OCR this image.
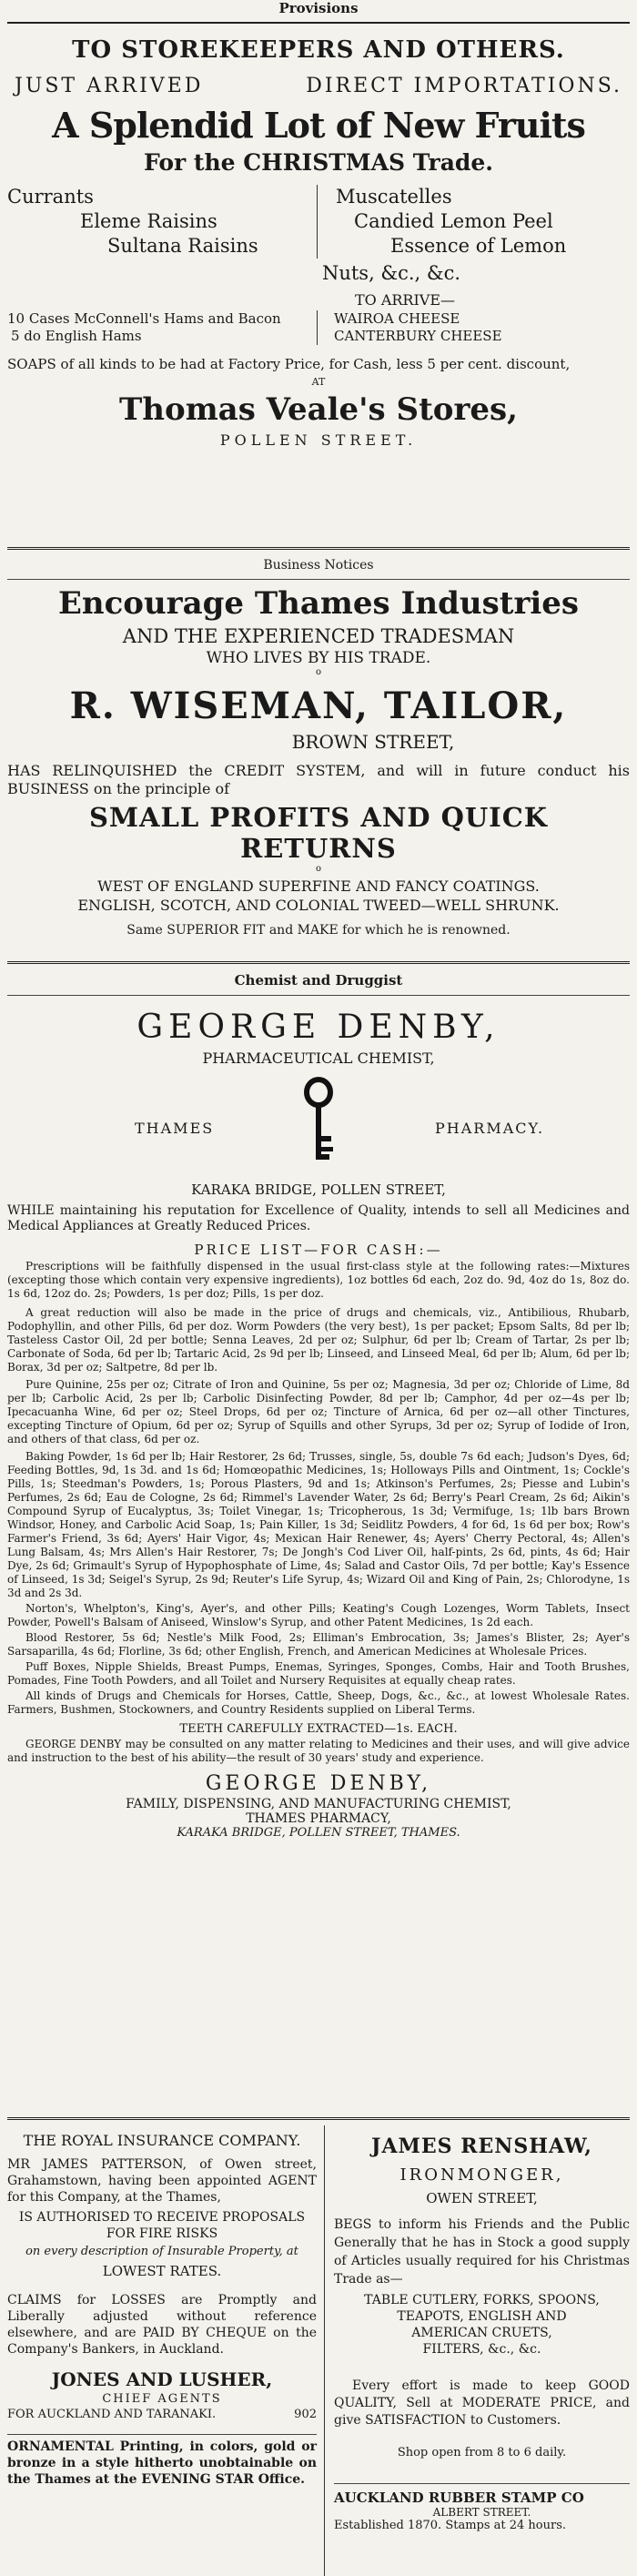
Provisions
TO STOREKEEPERS AND OTHERS.
JUST ARRIVED	DIRECT IMPORTATIONS.
A Splendid Lot of New Fruits
For the CHRISTMAS Trade.
Currants
Eleme Raisins
Sultana Raisins
Muscatelles
Candied Lemon Peel
Essence of Lemon
Nuts, &c., &c.
TO ARRIVE—
10 Cases McConnell's Hams and Bacon
5 do English Hams
WAIROA CHEESE
CANTERBURY CHEESE
SOAPS of all kinds to be had at Factory Price, for Cash, less 5 per cent. discount,
AT
Thomas Veale's Stores,
POLLEN STREET.
Business Notices
Encourage Thames Industries
AND THE EXPERIENCED TRADESMAN
WHO LIVES BY HIS TRADE.
o
R. WISEMAN, TAILOR,
BROWN STREET,
HAS RELINQUISHED the CREDIT SYSTEM, and will in future conduct his BUSINESS on the principle of
SMALL PROFITS AND QUICK RETURNS
o
WEST OF ENGLAND SUPERFINE AND FANCY COATINGS.
ENGLISH, SCOTCH, AND COLONIAL TWEED—WELL SHRUNK.
Same SUPERIOR FIT and MAKE for which he is renowned.
Chemist and Druggist
GEORGE DENBY,
PHARMACEUTICAL CHEMIST,
THAMES	PHARMACY.
KARAKA BRIDGE, POLLEN STREET,
WHILE maintaining his reputation for Excellence of Quality, intends to sell all Medicines and Medical Appliances at Greatly Reduced Prices.
PRICE LIST—FOR CASH:—
Prescriptions will be faithfully dispensed in the usual first-class style at the following rates:—Mixtures (excepting those which contain very expensive ingredients), 1oz bottles 6d each, 2oz do. 9d, 4oz do 1s, 8oz do. 1s 6d, 12oz do. 2s; Powders, 1s per doz; Pills, 1s per doz.
A great reduction will also be made in the price of drugs and chemicals, viz., Antibilious, Rhubarb, Podophyllin, and other Pills, 6d per doz. Worm Powders (the very best), 1s per packet; Epsom Salts, 8d per lb; Tasteless Castor Oil, 2d per bottle; Senna Leaves, 2d per oz; Sulphur, 6d per lb; Cream of Tartar, 2s per lb; Carbonate of Soda, 6d per lb; Tartaric Acid, 2s 9d per lb; Linseed, and Linseed Meal, 6d per lb; Alum, 6d per lb; Borax, 3d per oz; Saltpetre, 8d per lb.
Pure Quinine, 25s per oz; Citrate of Iron and Quinine, 5s per oz; Magnesia, 3d per oz; Chloride of Lime, 8d per lb; Carbolic Acid, 2s per lb; Carbolic Disinfecting Powder, 8d per lb; Camphor, 4d per oz—4s per lb; Ipecacuanha Wine, 6d per oz; Steel Drops, 6d per oz; Tincture of Arnica, 6d per oz—all other Tinctures, excepting Tincture of Opium, 6d per oz; Syrup of Squills and other Syrups, 3d per oz; Syrup of Iodide of Iron, and others of that class, 6d per oz.
Baking Powder, 1s 6d per lb; Hair Restorer, 2s 6d; Trusses, single, 5s, double 7s 6d each; Judson's Dyes, 6d; Feeding Bottles, 9d, 1s 3d. and 1s 6d; Homœopathic Medicines, 1s; Holloways Pills and Ointment, 1s; Cockle's Pills, 1s; Steedman's Powders, 1s; Porous Plasters, 9d and 1s; Atkinson's Perfumes, 2s; Piesse and Lubin's Perfumes, 2s 6d; Eau de Cologne, 2s 6d; Rimmel's Lavender Water, 2s 6d; Berry's Pearl Cream, 2s 6d; Aikin's Compound Syrup of Eucalyptus, 3s; Toilet Vinegar, 1s; Tricopherous, 1s 3d; Vermifuge, 1s; 1lb bars Brown Windsor, Honey, and Carbolic Acid Soap, 1s; Pain Killer, 1s 3d; Seidlitz Powders, 4 for 6d, 1s 6d per box; Row's Farmer's Friend, 3s 6d; Ayers' Hair Vigor, 4s; Mexican Hair Renewer, 4s; Ayers' Cherry Pectoral, 4s; Allen's Lung Balsam, 4s; Mrs Allen's Hair Restorer, 7s; De Jongh's Cod Liver Oil, half-pints, 2s 6d, pints, 4s 6d; Hair Dye, 2s 6d; Grimault's Syrup of Hypophosphate of Lime, 4s; Salad and Castor Oils, 7d per bottle; Kay's Essence of Linseed, 1s 3d; Seigel's Syrup, 2s 9d; Reuter's Life Syrup, 4s; Wizard Oil and King of Pain, 2s; Chlorodyne, 1s 3d and 2s 3d.
Norton's, Whelpton's, King's, Ayer's, and other Pills; Keating's Cough Lozenges, Worm Tablets, Insect Powder, Powell's Balsam of Aniseed, Winslow's Syrup, and other Patent Medicines, 1s 2d each.
Blood Restorer, 5s 6d; Nestle's Milk Food, 2s; Elliman's Embrocation, 3s; James's Blister, 2s; Ayer's Sarsaparilla, 4s 6d; Florline, 3s 6d; other English, French, and American Medicines at Wholesale Prices.
Puff Boxes, Nipple Shields, Breast Pumps, Enemas, Syringes, Sponges, Combs, Hair and Tooth Brushes, Pomades, Fine Tooth Powders, and all Toilet and Nursery Requisites at equally cheap rates.
All kinds of Drugs and Chemicals for Horses, Cattle, Sheep, Dogs, &c., &c., at lowest Wholesale Rates. Farmers, Bushmen, Stockowners, and Country Residents supplied on Liberal Terms.
TEETH CAREFULLY EXTRACTED—1s. EACH.
GEORGE DENBY may be consulted on any matter relating to Medicines and their uses, and will give advice and instruction to the best of his ability—the result of 30 years' study and experience.
GEORGE DENBY,
FAMILY, DISPENSING, AND MANUFACTURING CHEMIST,
THAMES PHARMACY,
KARAKA BRIDGE, POLLEN STREET, THAMES.
THE ROYAL INSURANCE COMPANY.
MR JAMES PATTERSON, of Owen street, Grahamstown, having been appointed AGENT for this Company, at the Thames,
IS AUTHORISED TO RECEIVE PROPOSALS FOR FIRE RISKS
on every description of Insurable Property, at
LOWEST RATES.
CLAIMS for LOSSES are Promptly and Liberally adjusted without reference elsewhere, and are PAID BY CHEQUE on the Company's Bankers, in Auckland.
JONES AND LUSHER,
CHIEF AGENTS
FOR AUCKLAND AND TARANAKI.	902
ORNAMENTAL Printing, in colors, gold or bronze in a style hitherto unobtainable on the Thames at the EVENING STAR Office.
JAMES RENSHAW,
IRONMONGER,
OWEN STREET,
BEGS to inform his Friends and the Public Generally that he has in Stock a good supply of Articles usually required for his Christmas Trade as—
TABLE CUTLERY, FORKS, SPOONS,
TEAPOTS, ENGLISH AND
AMERICAN CRUETS,
FILTERS, &c., &c.
Every effort is made to keep GOOD QUALITY, Sell at MODERATE PRICE, and give SATISFACTION to Customers.
Shop open from 8 to 6 daily.
AUCKLAND RUBBER STAMP CO
ALBERT STREET.
Established 1870. Stamps at 24 hours.
